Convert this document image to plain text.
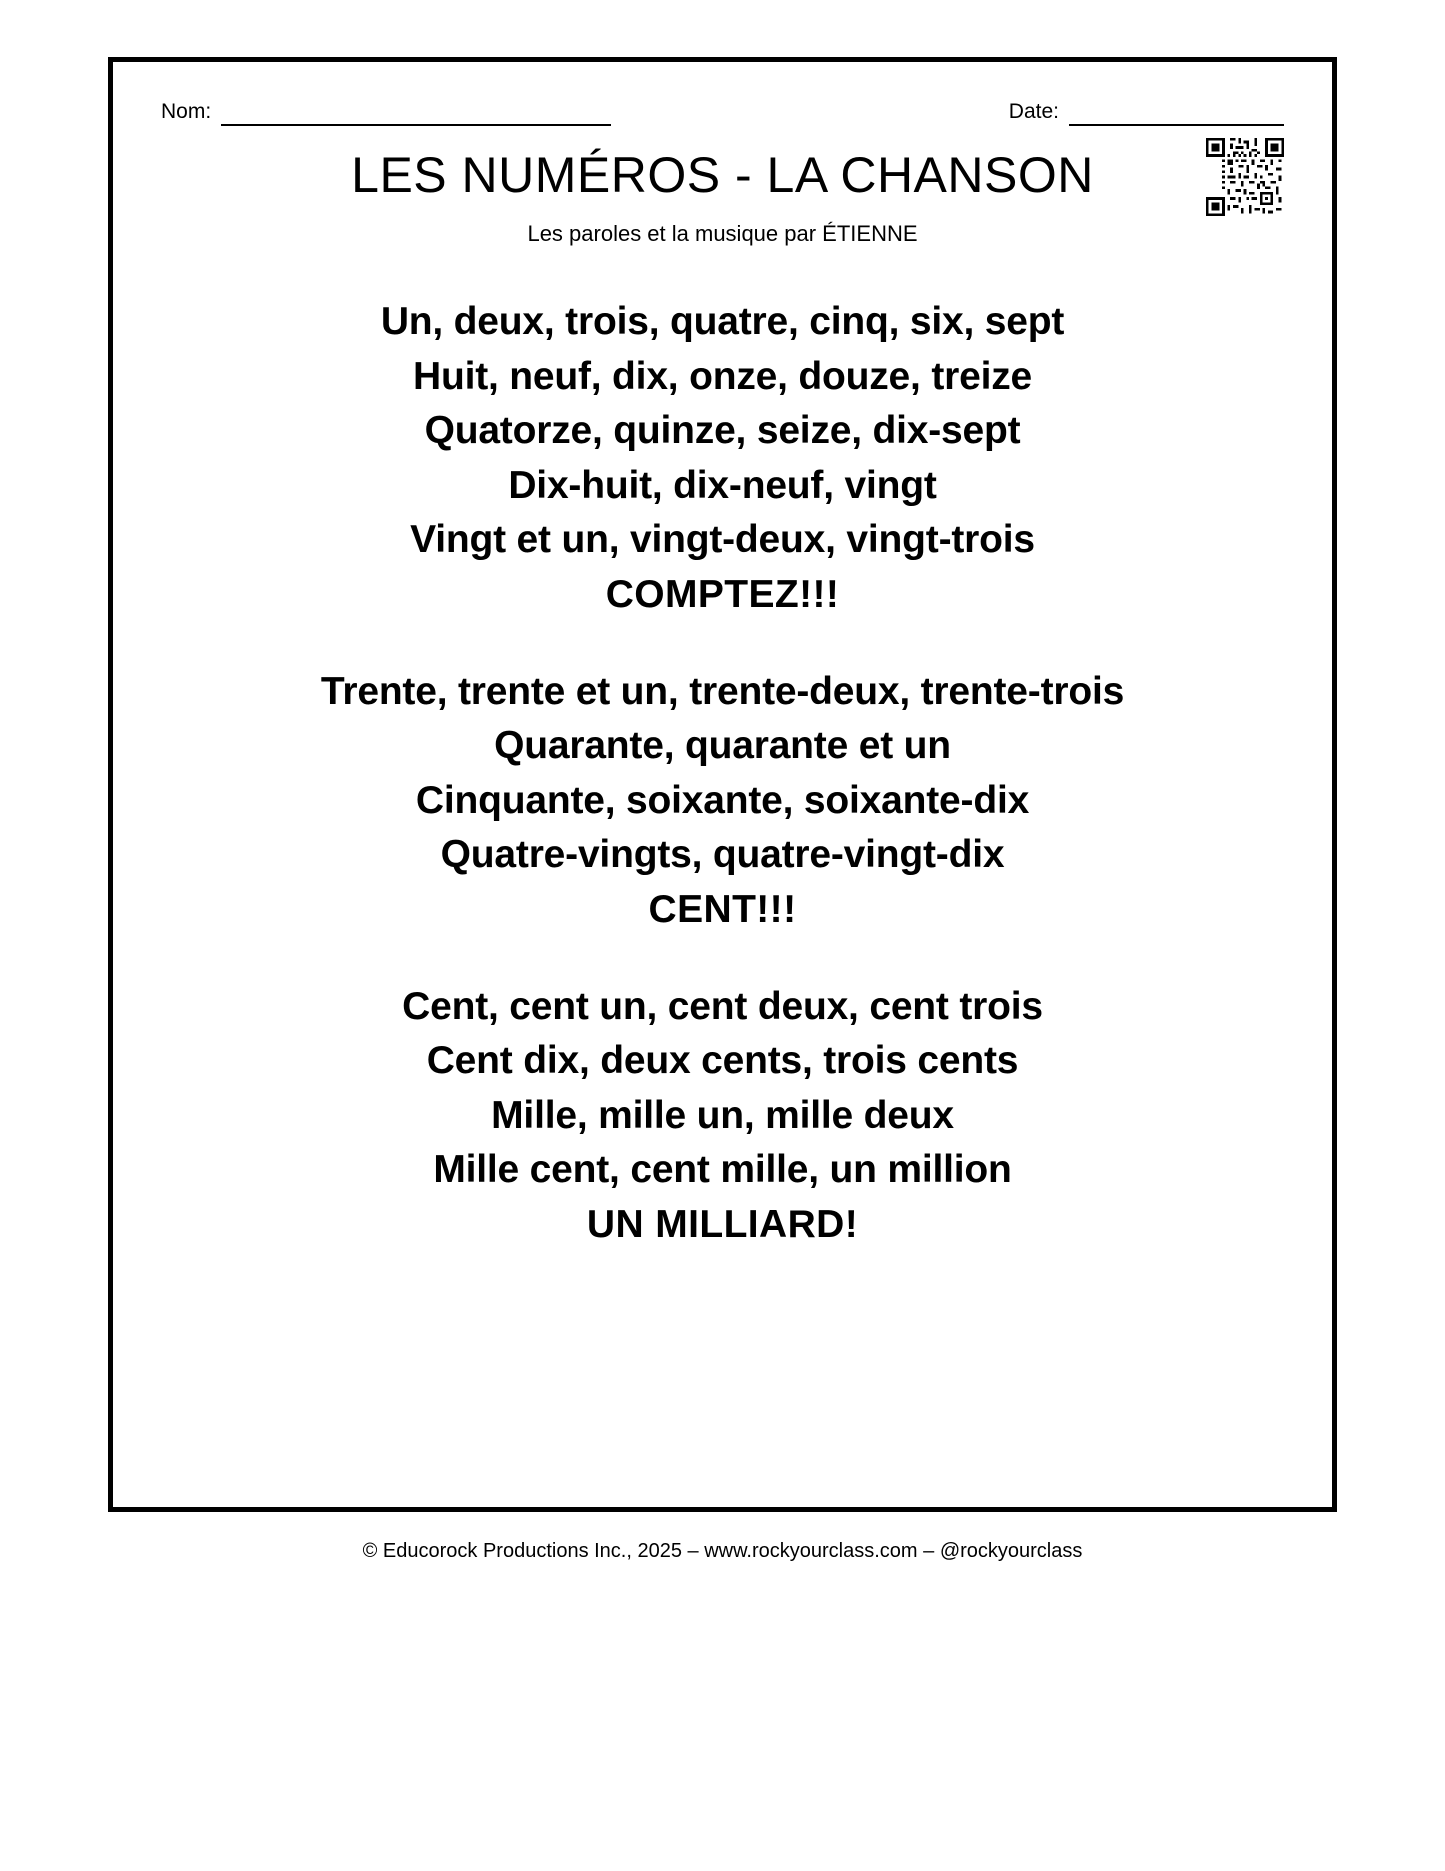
Nom:	Date:
LES NUMÉROS - LA CHANSON
Les paroles et la musique par ÉTIENNE
Un, deux, trois, quatre, cinq, six, sept
Huit, neuf, dix, onze, douze, treize
Quatorze, quinze, seize, dix-sept
Dix-huit, dix-neuf, vingt
Vingt et un, vingt-deux, vingt-trois
COMPTEZ!!!
Trente, trente et un, trente-deux, trente-trois
Quarante, quarante et un
Cinquante, soixante, soixante-dix
Quatre-vingts, quatre-vingt-dix
CENT!!!
Cent, cent un, cent deux, cent trois
Cent dix, deux cents, trois cents
Mille, mille un, mille deux
Mille cent, cent mille, un million
UN MILLIARD!
© Educorock Productions Inc., 2025 – www.rockyourclass.com – @rockyourclass
